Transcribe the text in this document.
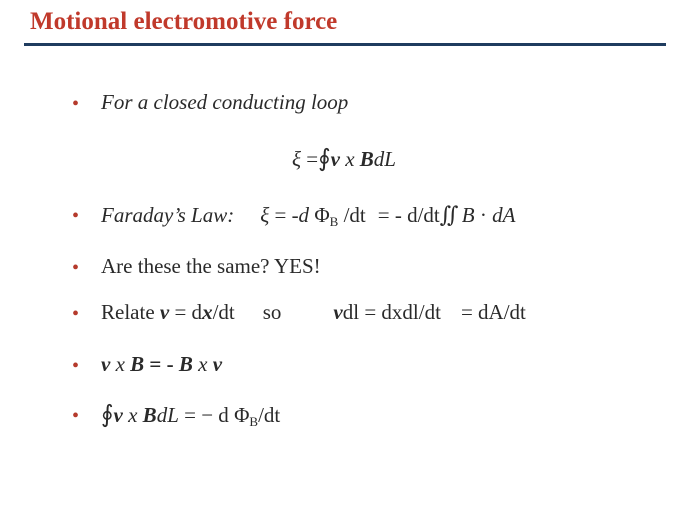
Motional electromotive force
• For a closed conducting loop
ξ =∮v x BdL
• Faraday’s Law: ξ = -d $\Phi_B$ /dt = - d/dt∬ B · dA
• Are these the same? YES!
• Relate v = dx/dt so vdl = dxdl/dt = dA/dt
• v x B = - B x v
• ∮v x BdL = − d $\Phi_B/dt$
